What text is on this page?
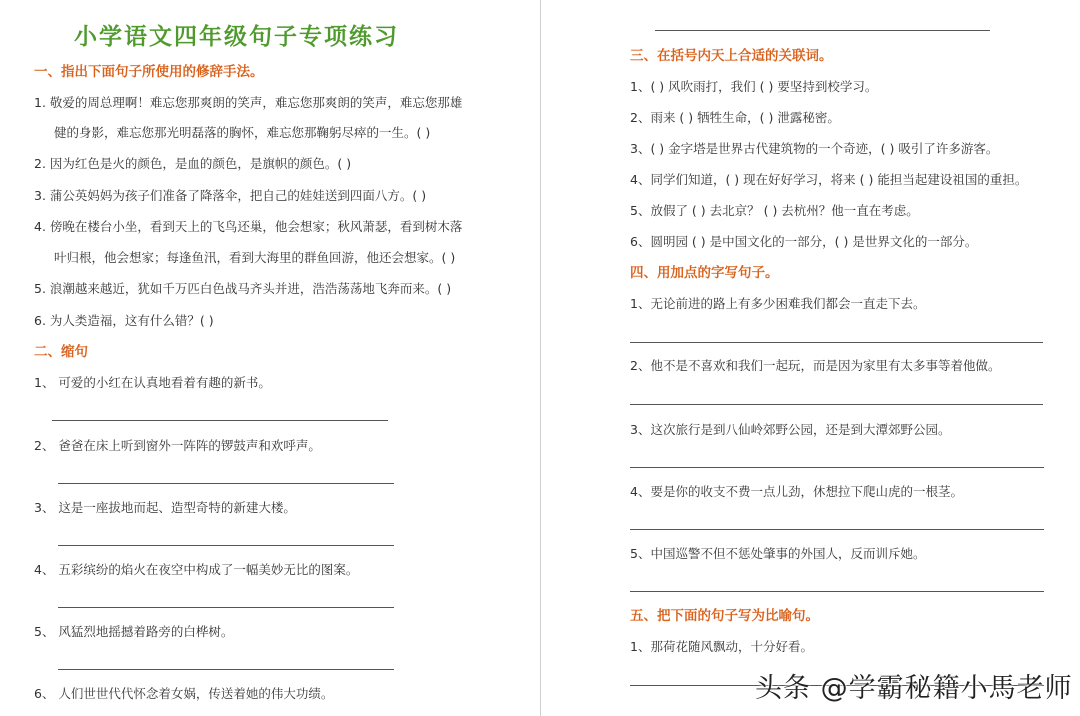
小学语文四年级句子专项练习
一、指出下面句子所使用的修辞手法。
1. 敬爱的周总理啊！难忘您那爽朗的笑声，难忘您那爽朗的笑声，难忘您那雄
健的身影，难忘您那光明磊落的胸怀，难忘您那鞠躬尽瘁的一生。( )
2. 因为红色是火的颜色，是血的颜色，是旗帜的颜色。( )
3. 蒲公英妈妈为孩子们准备了降落伞，把自己的娃娃送到四面八方。( )
4. 傍晚在楼台小坐，看到天上的飞鸟还巢，他会想家；秋风萧瑟，看到树木落
叶归根，他会想家；每逢鱼汛，看到大海里的群鱼回游，他还会想家。( )
5. 浪潮越来越近，犹如千万匹白色战马齐头并进，浩浩荡荡地飞奔而来。( )
6. 为人类造福，这有什么错？( )
二、缩句
1、 可爱的小红在认真地看着有趣的新书。
2、 爸爸在床上听到窗外一阵阵的锣鼓声和欢呼声。
3、 这是一座拔地而起、造型奇特的新建大楼。
4、 五彩缤纷的焰火在夜空中构成了一幅美妙无比的图案。
5、 风猛烈地摇撼着路旁的白桦树。
6、 人们世世代代怀念着女娲，传送着她的伟大功绩。
三、在括号内天上合适的关联词。
1、( ) 风吹雨打，我们 ( ) 要坚持到校学习。
2、雨来 ( ) 牺牲生命，( ) 泄露秘密。
3、( ) 金字塔是世界古代建筑物的一个奇迹，( ) 吸引了许多游客。
4、同学们知道，( ) 现在好好学习，将来 ( ) 能担当起建设祖国的重担。
5、放假了 ( ) 去北京？ ( ) 去杭州？他一直在考虑。
6、圆明园 ( ) 是中国文化的一部分，( ) 是世界文化的一部分。
四、用加点的字写句子。
1、无论前进的路上有多少困难我们都会一直走下去。
2、他不是不喜欢和我们一起玩，而是因为家里有太多事等着他做。
3、这次旅行是到八仙岭郊野公园，还是到大潭郊野公园。
4、要是你的收支不费一点儿劲，休想拉下爬山虎的一根茎。
5、中国巡警不但不惩处肇事的外国人，反而训斥她。
五、把下面的句子写为比喻句。
1、那荷花随风飘动，十分好看。
头条 @学霸秘籍小馬老师
